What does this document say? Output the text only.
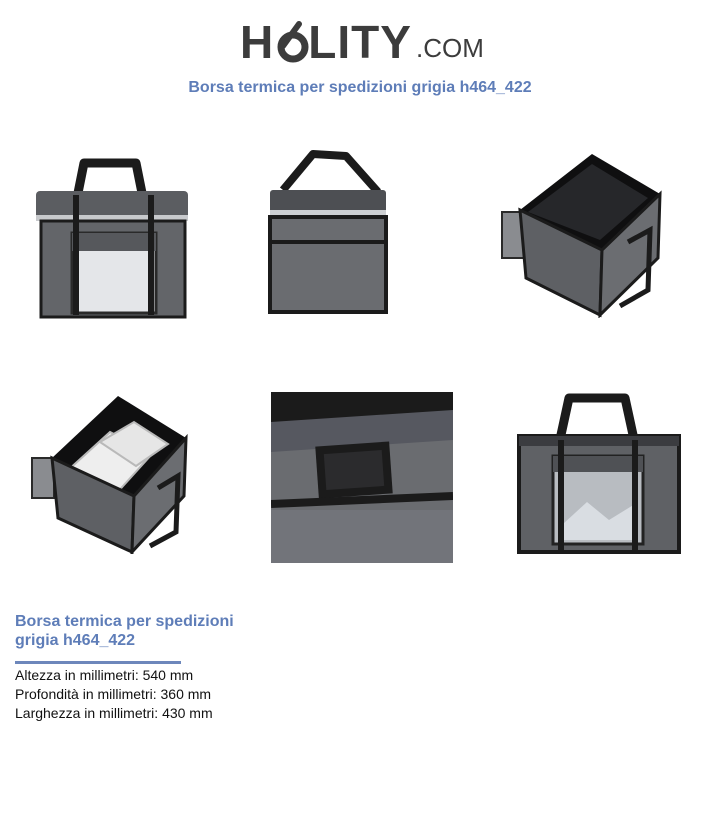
H LITY .COM
Borsa termica per spedizioni grigia h464_422
Borsa termica per spedizioni grigia h464_422
Altezza in millimetri: 540 mm
Profondità in millimetri: 360 mm
Larghezza in millimetri: 430 mm
